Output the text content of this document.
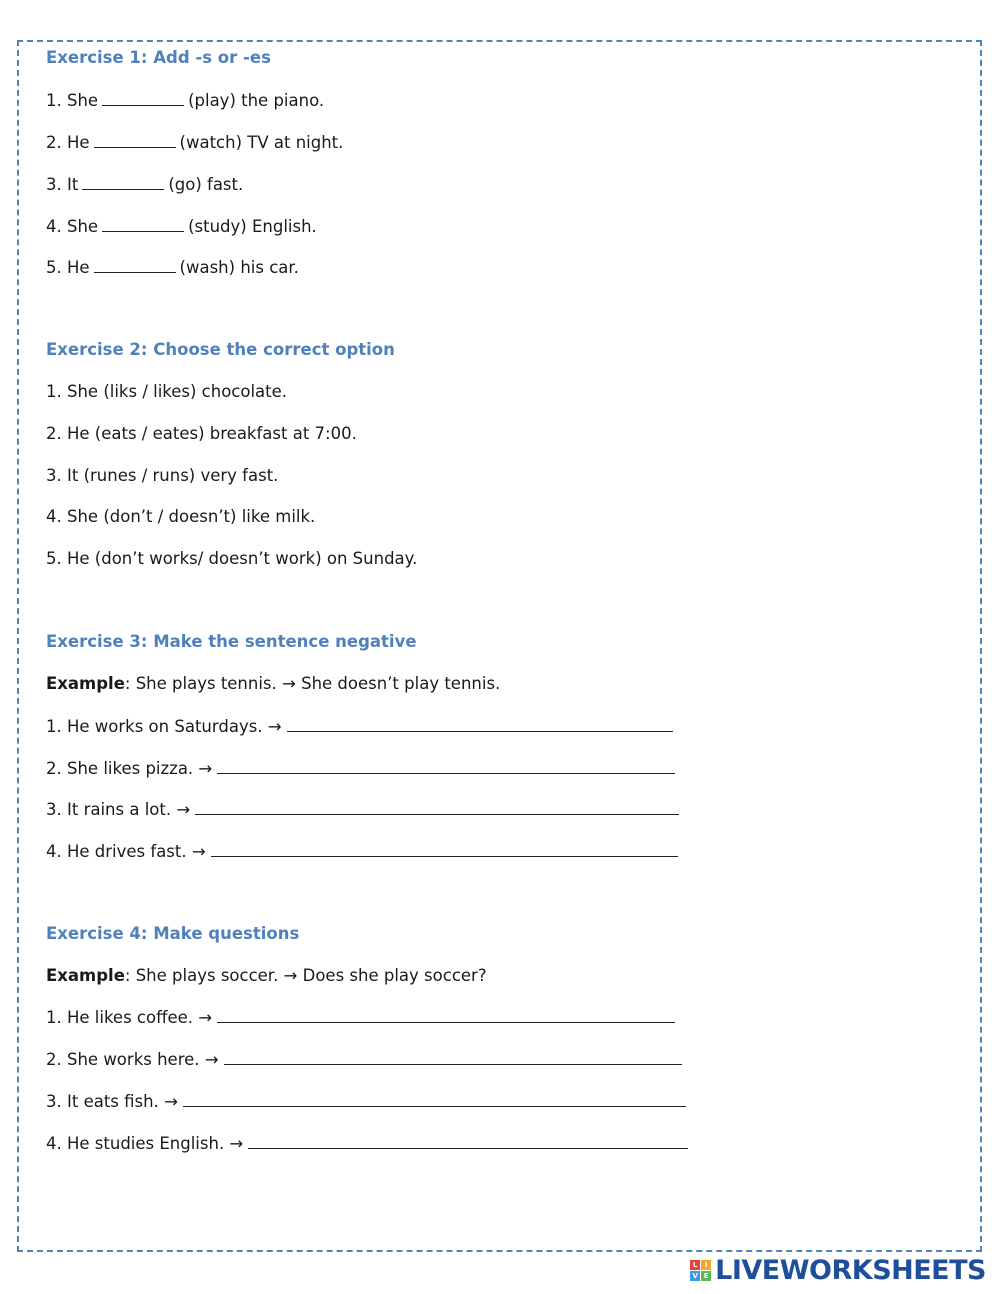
Exercise 1: Add -s or -es
1. She	(play) the piano.
2. He	(watch) TV at night.
3. It	(go) fast.
4. She	(study) English.
5. He	(wash) his car.
Exercise 2: Choose the correct option
1. She (liks / likes) chocolate.
2. He (eats / eates) breakfast at 7:00.
3. It (runes / runs) very fast.
4. She (don’t / doesn’t) like milk.
5. He (don’t works/ doesn’t work) on Sunday.
Exercise 3: Make the sentence negative
Example: She plays tennis. → She doesn’t play tennis.
1. He works on Saturdays. →
2. She likes pizza. →
3. It rains a lot. →
4. He drives fast. →
Exercise 4: Make questions
Example: She plays soccer. → Does she play soccer?
1. He likes coffee. →
2. She works here. →
3. It eats fish. →
4. He studies English. →
L	I
V E LIVEWORKSHEETS
